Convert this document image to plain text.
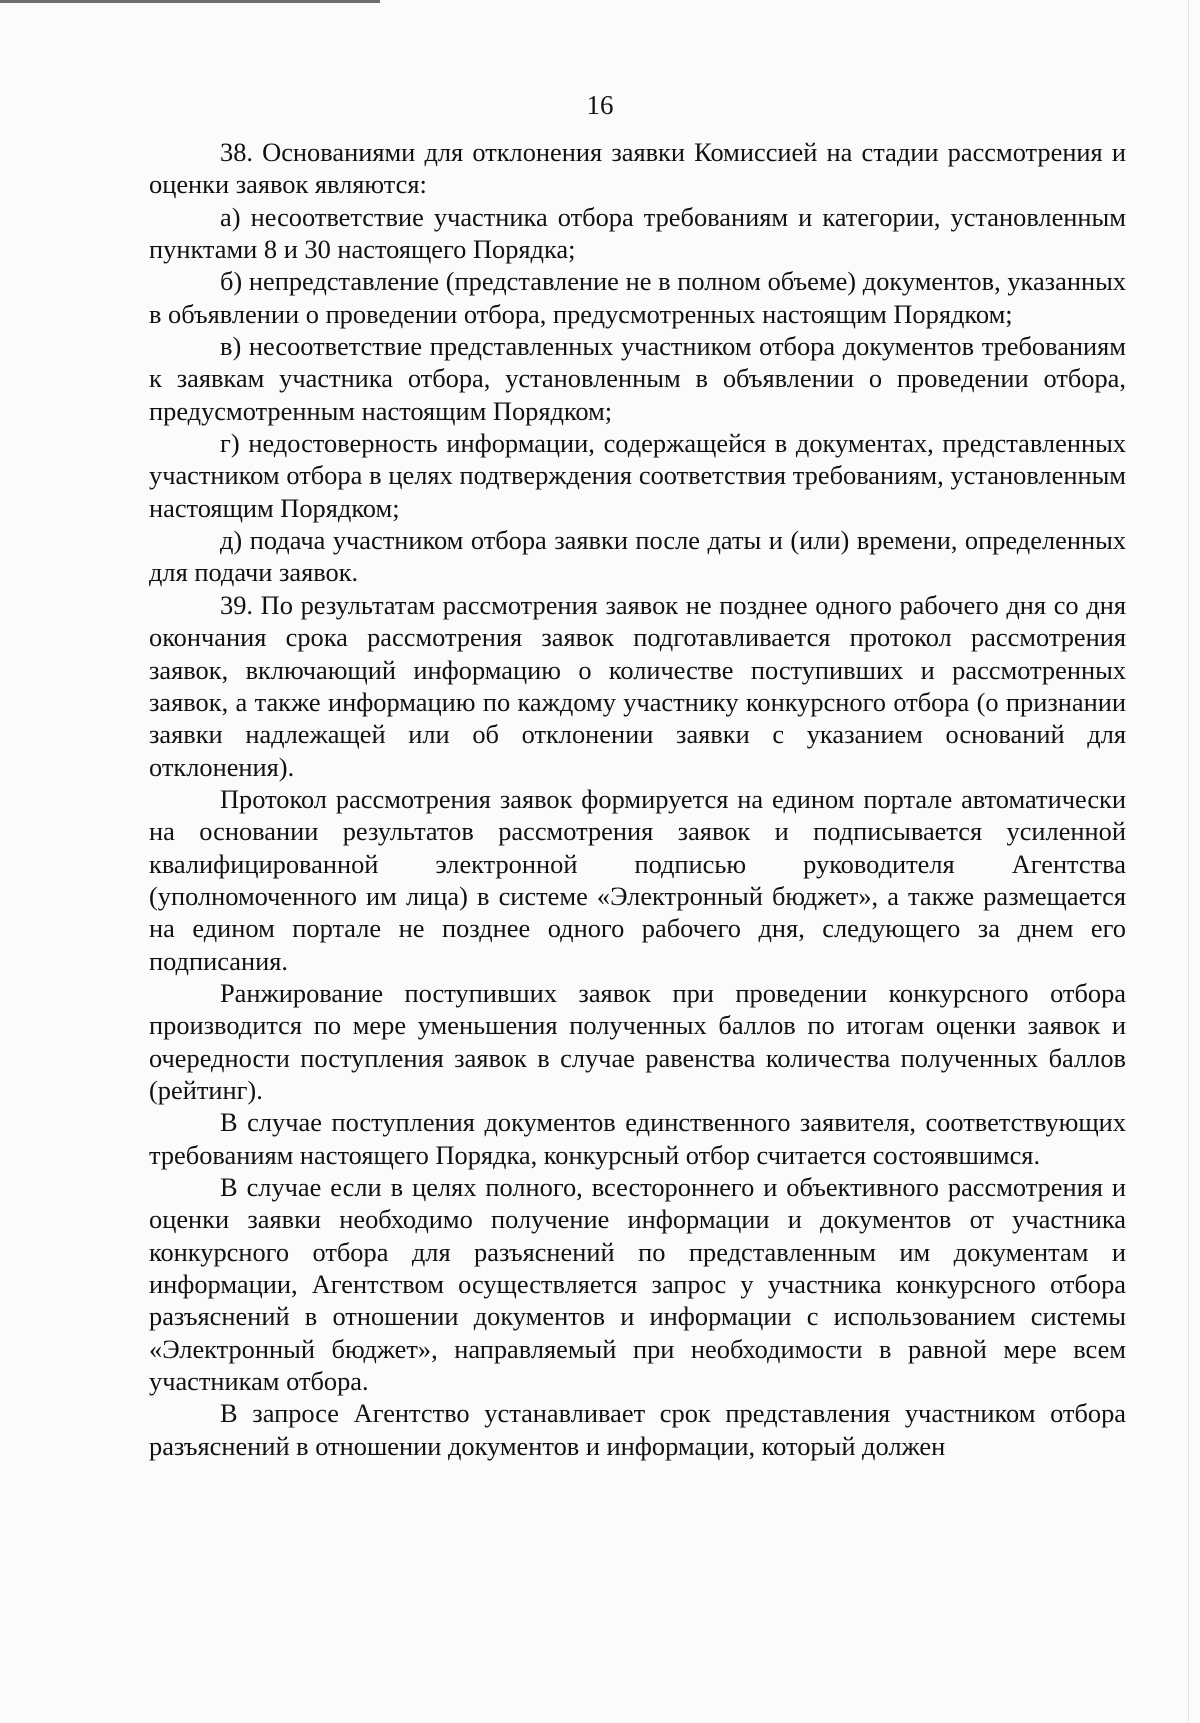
16

38. Основаниями для отклонения заявки Комиссией на стадии рассмотрения и оценки заявок являются:

а) несоответствие участника отбора требованиям и категории, установленным пунктами 8 и 30 настоящего Порядка;

б) непредставление (представление не в полном объеме) документов, указанных в объявлении о проведении отбора, предусмотренных настоящим Порядком;

в) несоответствие представленных участником отбора документов требованиям к заявкам участника отбора, установленным в объявлении о проведении отбора, предусмотренным настоящим Порядком;

г) недостоверность информации, содержащейся в документах, представленных участником отбора в целях подтверждения соответствия требованиям, установленным настоящим Порядком;

д) подача участником отбора заявки после даты и (или) времени, определенных для подачи заявок.

39. По результатам рассмотрения заявок не позднее одного рабочего дня со дня окончания срока рассмотрения заявок подготавливается протокол рассмотрения заявок, включающий информацию о количестве поступивших и рассмотренных заявок, а также информацию по каждому участнику конкурсного отбора (о признании заявки надлежащей или об отклонении заявки с указанием оснований для отклонения).

Протокол рассмотрения заявок формируется на едином портале автоматически на основании результатов рассмотрения заявок и подписывается усиленной квалифицированной электронной подписью руководителя Агентства (уполномоченного им лица) в системе «Электронный бюджет», а также размещается на едином портале не позднее одного рабочего дня, следующего за днем его подписания.

Ранжирование поступивших заявок при проведении конкурсного отбора производится по мере уменьшения полученных баллов по итогам оценки заявок и очередности поступления заявок в случае равенства количества полученных баллов (рейтинг).

В случае поступления документов единственного заявителя, соответствующих требованиям настоящего Порядка, конкурсный отбор считается состоявшимся.

В случае если в целях полного, всестороннего и объективного рассмотрения и оценки заявки необходимо получение информации и документов от участника конкурсного отбора для разъяснений по представленным им документам и информации, Агентством осуществляется запрос у участника конкурсного отбора разъяснений в отношении документов и информации с использованием системы «Электронный бюджет», направляемый при необходимости в равной мере всем участникам отбора.

В запросе Агентство устанавливает срок представления участником отбора разъяснений в отношении документов и информации, который должен
